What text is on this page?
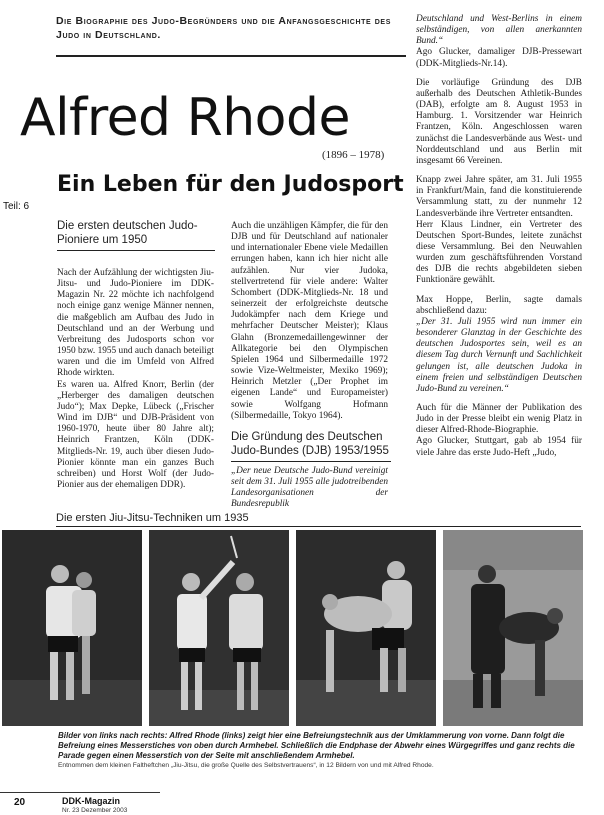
Die Biographie des Judo-Begründers und die Anfangsgeschichte des Judo in Deutschland.
Alfred Rhode
(1896 – 1978)
Ein Leben für den Judosport
Teil: 6
Die ersten deutschen Judo-Pioniere um 1950

Nach der Aufzählung der wichtigsten Jiu-Jitsu- und Judo-Pioniere im DDK-Magazin Nr. 22 möchte ich nachfolgend noch einige ganz wenige Männer nennen, die maßgeblich am Aufbau des Judo in Deutschland und an der Werbung und Verbreitung des Judosports schon vor 1950 bzw. 1955 und auch danach beteiligt waren und die im Umfeld von Alfred Rhode wirkten.

Es waren ua. Alfred Knorr, Berlin (der „Herberger des damaligen deutschen Judo“); Max Depke, Lübeck („Frischer Wind im DJB“ und DJB-Präsident von 1960-1970, heute über 80 Jahre alt); Heinrich Frantzen, Köln (DDK-Mitglieds-Nr. 19, auch über diesen Judo-Pionier könnte man ein ganzes Buch schreiben) und Horst Wolf (der Judo-Pionier aus der ehemaligen DDR).

Auch die unzähligen Kämpfer, die für den DJB und für Deutschland auf nationaler und internationaler Ebene viele Medaillen errungen haben, kann ich hier nicht alle aufzählen. Nur vier Judoka, stellvertretend für viele andere: Walter Schombert (DDK-Mitglieds-Nr. 18 und seinerzeit der erfolgreichste deutsche Judokämpfer nach dem Kriege und mehrfacher Deutscher Meister); Klaus Glahn (Bronzemedaillengewinner der Allkategorie bei den Olympischen Spielen 1964 und Silbermedaille 1972 sowie Vize-Weltmeister, Mexiko 1969); Heinrich Metzler („Der Prophet im eigenen Lande“ und Europameister) sowie Wolfgang Hofmann (Silbermedaille, Tokyo 1964).

Die Gründung des Deutschen Judo-Bundes (DJB) 1953/1955

„Der neue Deutsche Judo-Bund vereinigt seit dem 31. Juli 1955 alle judotreibenden Landesorganisationen der Bundesrepublik

Deutschland und West-Berlins in einem selbständigen, von allen anerkannten Bund.“

Ago Glucker, damaliger DJB-Pressewart (DDK-Mitglieds-Nr.14).

Die vorläufige Gründung des DJB außerhalb des Deutschen Athletik-Bundes (DAB), erfolgte am 8. August 1953 in Hamburg. 1. Vorsitzender war Heinrich Frantzen, Köln. Angeschlossen waren zunächst die Landesverbände aus West- und Norddeutschland und aus Berlin mit insgesamt 66 Vereinen.

Knapp zwei Jahre später, am 31. Juli 1955 in Frankfurt/Main, fand die konstituierende Versammlung statt, zu der nunmehr 12 Landesverbände ihre Vertreter entsandten.

Herr Klaus Lindner, ein Vertreter des Deutschen Sport-Bundes, leitete zunächst diese Versammlung. Bei den Neuwahlen wurden zum geschäftsführenden Vorstand des DJB die rechts abgebildeten sieben Funktionäre gewählt.

Max Hoppe, Berlin, sagte damals abschließend dazu:

„Der 31. Juli 1955 wird nun immer ein besonderer Glanztag in der Geschichte des deutschen Judosportes sein, weil es an diesem Tag durch Vernunft und Sachlichkeit gelungen ist, alle deutschen Judoka in einem freien und selbständigen Deutschen Judo-Bund zu vereinen.“

Auch für die Männer der Publikation des Judo in der Presse bleibt ein wenig Platz in dieser Alfred-Rhode-Biographie.

Ago Glucker, Stuttgart, gab ab 1954 für viele Jahre das erste Judo-Heft „Judo,

Die ersten Jiu-Jitsu-Techniken um 1935
Bilder von links nach rechts: Alfred Rhode (links) zeigt hier eine Befreiungstechnik aus der Umklammerung von vorne. Dann folgt die Befreiung eines Messerstiches von oben durch Armhebel. Schließlich die Endphase der Abwehr eines Würgegriffes und ganz rechts die Parade gegen einen Messerstich von der Seite mit anschließendem Armhebel.
Entnommen dem kleinen Faltheftchen „Jiu-Jitsu, die große Quelle des Selbstvertrauens“, in 12 Bildern von und mit Alfred Rhode.
20	DDK-Magazin
Nr. 23 Dezember 2003
